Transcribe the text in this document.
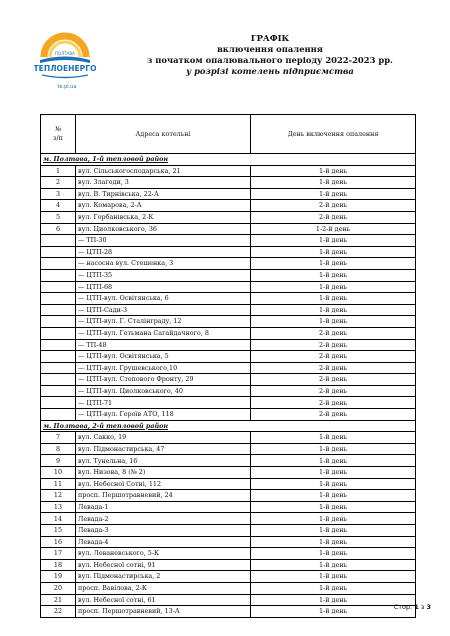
ПОЛТАВА
ТЕПЛОЕНЕРГО
te.pl.ua
ГРАФІК
включення опалення
з початком опалювального періоду 2022-2023 рр.
у розрізі котелень підприємства
№
з/п	Адреса котельні	День включення опалення
м. Полтава, 1-й тепловой район		
1	вул. Сільськогосподарська, 21	1-й день
2	вул. Злагоди, 3	1-й день
3	вул. В. Тирнівська, 22-А	1-й день
4	вул. Комарова, 2-А	2-й день
5	вул. Горбанівська, 2-К	2-й день
6	вул. Циолковського, 36	1-2-й день
	— ТП-30	1-й день
	— ЦТП-28	1-й день
	— насосна вул. Стешенка, 3	1-й день
	— ЦТП-35	1-й день
	— ЦТП-68	1-й день
	— ЦТП-вул. Освітянська, 6	1-й день
	— ЦТП-Сади-3	1-й день
	— ЦТП-вул. Г. Сталінграду, 12	1-й день
	— ЦТП-вул. Гетьмана Сагайдачного, 8	2-й день
	— ТП-48	2-й день
	— ЦТП-вул. Освітянська, 5	2-й день
	— ЦТП-вул. Грушевського,10	2-й день
	— ЦТП-вул. Степового Фронту, 29	2-й день
	— ЦТП-вул. Циолковського, 40	2-й день
	— ЦТП-71	2-й день
	— ЦТП-вул. Героїв АТО, 118	2-й день
м. Полтава, 2-й тепловой район		
7	вул. Сакко, 19	1-й день
8	вул. Підмонастирська, 47	1-й день
9	вул. Тунельна, 16	1-й день
10	вул. Низова, 8 (№ 2)	1-й день
11	вул. Небесної Сотні, 112	1-й день
12	просп. Першотравневий, 24	1-й день
13	Левада-1	1-й день
14	Левада-2	1-й день
15	Левада-3	1-й день
16	Левада-4	1-й день
17	вул. Леваневського, 5-К	1-й день
18	вул. Небесної сотні, 91	1-й день
19	вул. Підмонастирська, 2	1-й день
20	просп. Вавілова, 2-К	1-й день
21	вул. Небесної сотні, 61	1-й день
22	просп. Першотравневий, 13-А	1-й день
Стор. 1 з 3
